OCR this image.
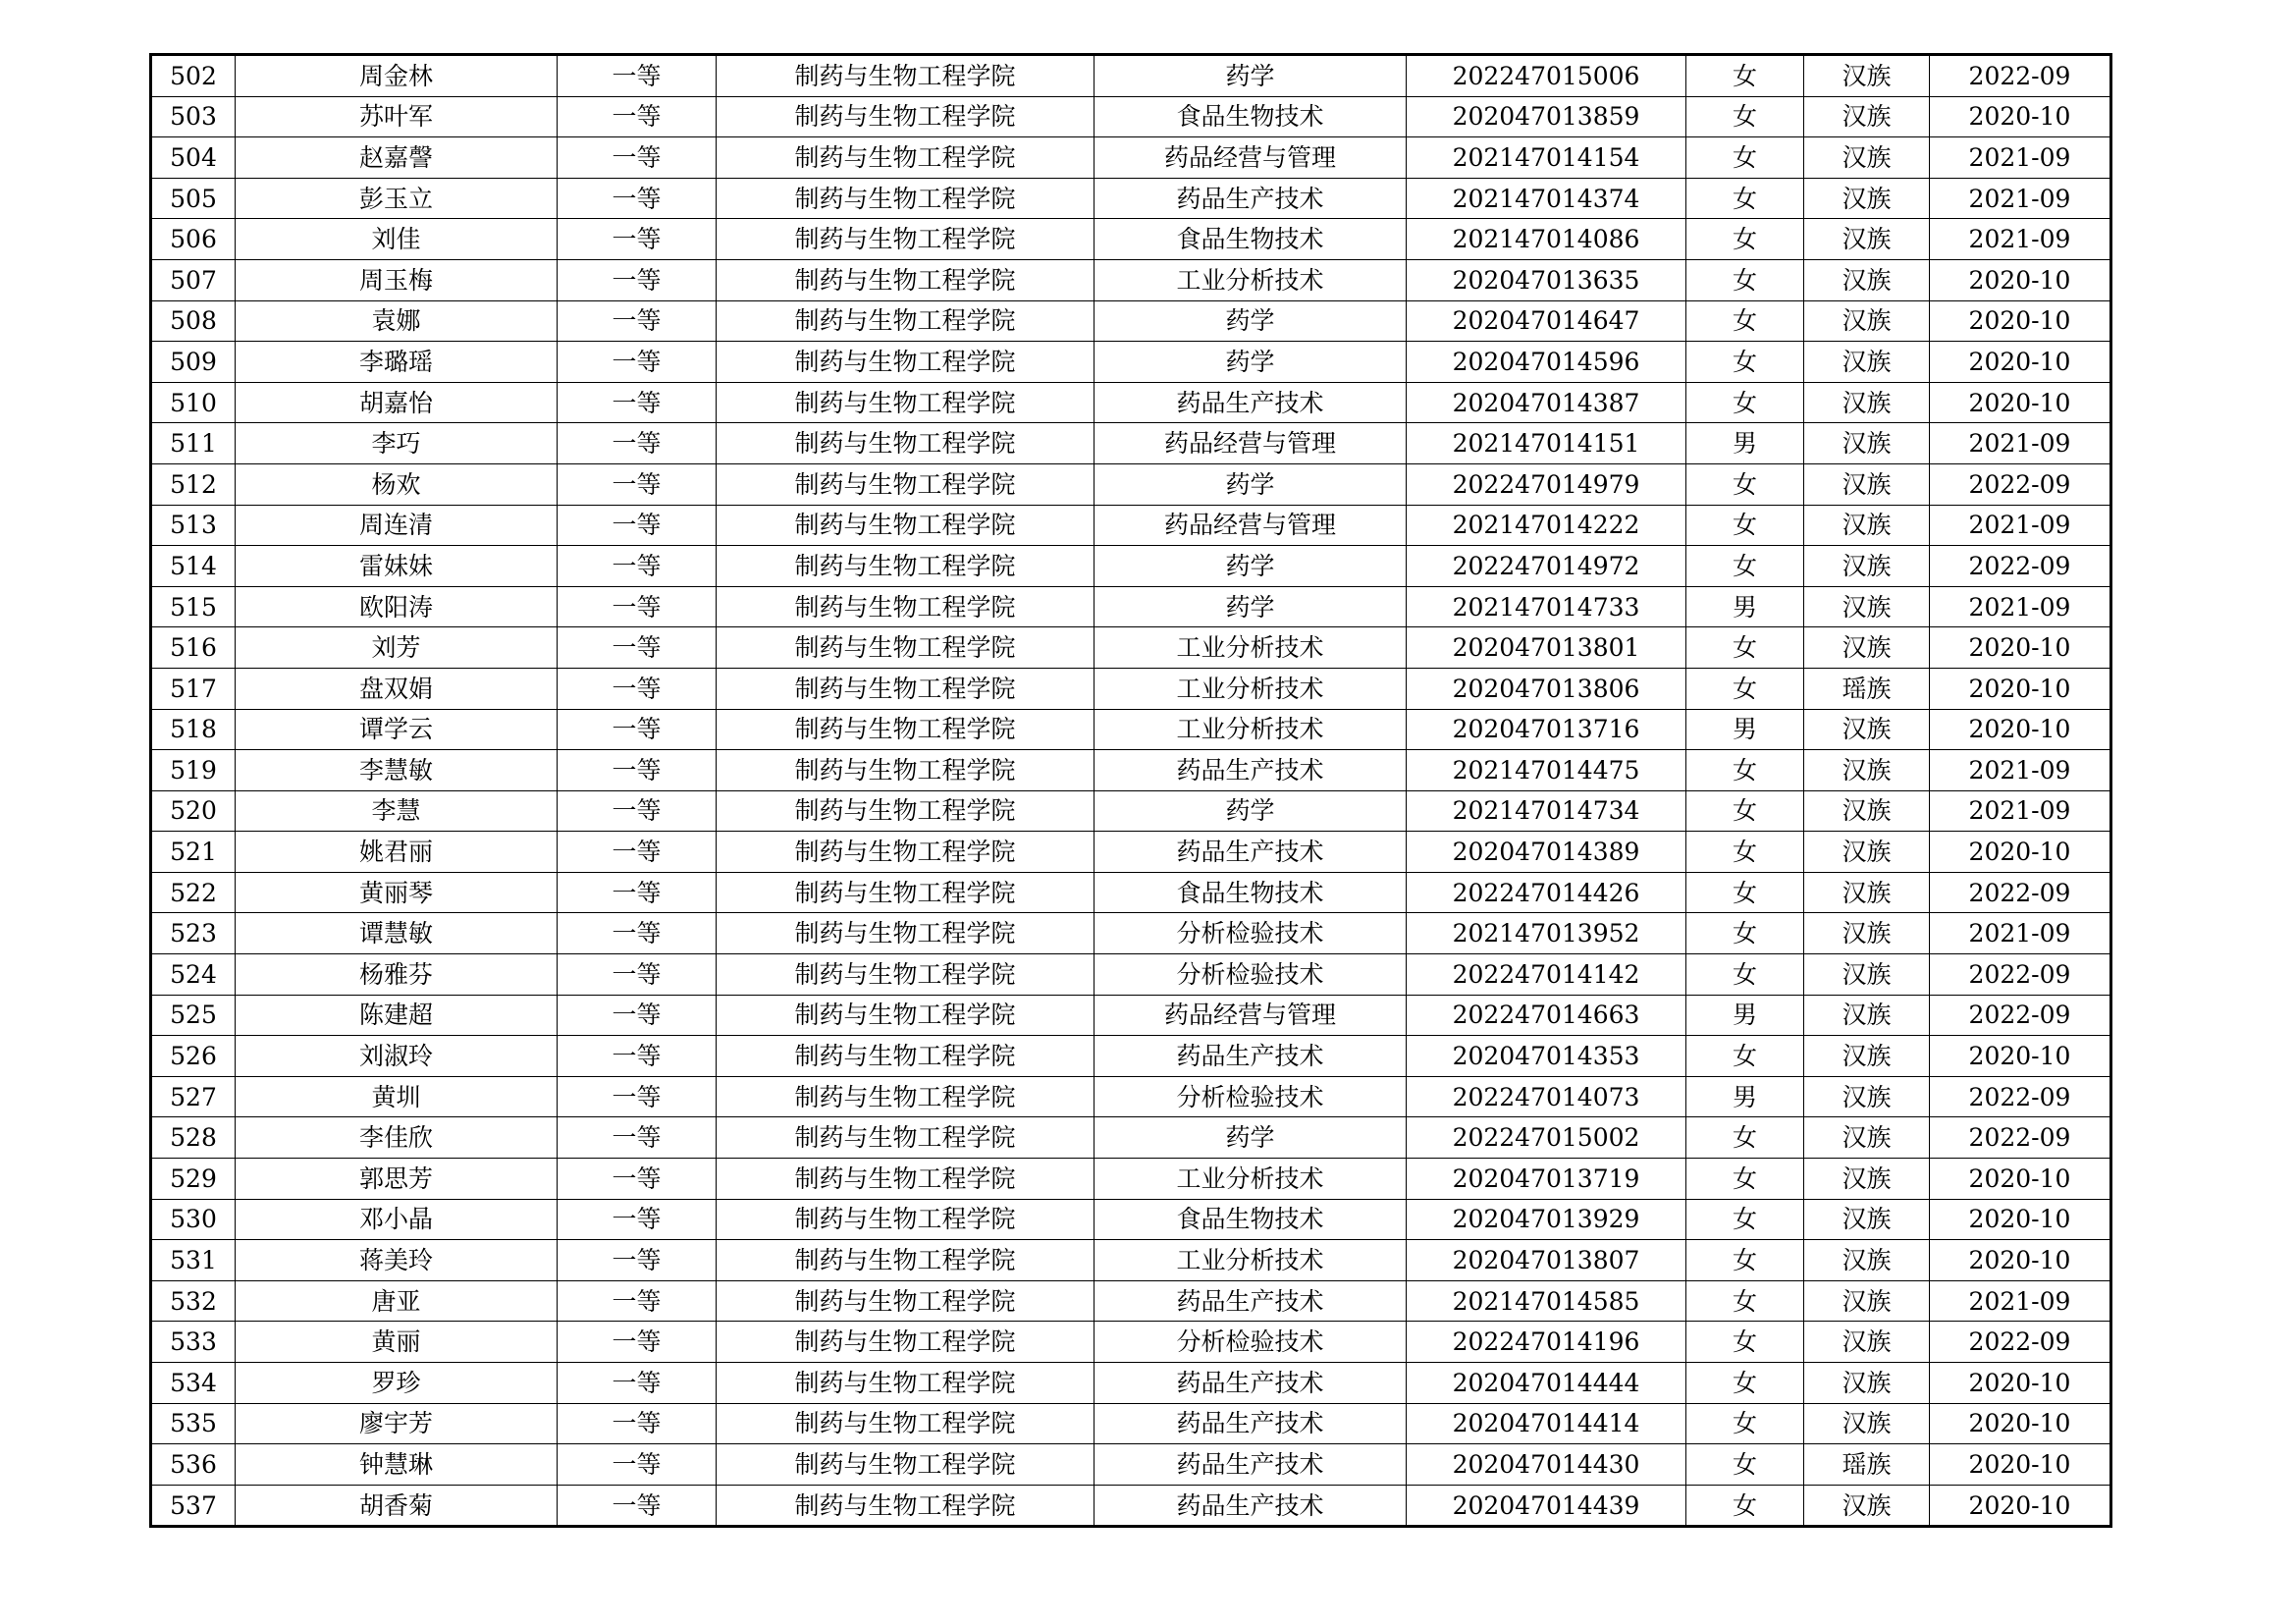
502	周金林	一等	制药与生物工程学院	药学	202247015006	女	汉族	2022-09
503	苏叶军	一等	制药与生物工程学院	食品生物技术	202047013859	女	汉族	2020-10
504	赵嘉謦	一等	制药与生物工程学院	药品经营与管理	202147014154	女	汉族	2021-09
505	彭玉立	一等	制药与生物工程学院	药品生产技术	202147014374	女	汉族	2021-09
506	刘佳	一等	制药与生物工程学院	食品生物技术	202147014086	女	汉族	2021-09
507	周玉梅	一等	制药与生物工程学院	工业分析技术	202047013635	女	汉族	2020-10
508	袁娜	一等	制药与生物工程学院	药学	202047014647	女	汉族	2020-10
509	李璐瑶	一等	制药与生物工程学院	药学	202047014596	女	汉族	2020-10
510	胡嘉怡	一等	制药与生物工程学院	药品生产技术	202047014387	女	汉族	2020-10
511	李巧	一等	制药与生物工程学院	药品经营与管理	202147014151	男	汉族	2021-09
512	杨欢	一等	制药与生物工程学院	药学	202247014979	女	汉族	2022-09
513	周连清	一等	制药与生物工程学院	药品经营与管理	202147014222	女	汉族	2021-09
514	雷妹妹	一等	制药与生物工程学院	药学	202247014972	女	汉族	2022-09
515	欧阳涛	一等	制药与生物工程学院	药学	202147014733	男	汉族	2021-09
516	刘芳	一等	制药与生物工程学院	工业分析技术	202047013801	女	汉族	2020-10
517	盘双娟	一等	制药与生物工程学院	工业分析技术	202047013806	女	瑶族	2020-10
518	谭学云	一等	制药与生物工程学院	工业分析技术	202047013716	男	汉族	2020-10
519	李慧敏	一等	制药与生物工程学院	药品生产技术	202147014475	女	汉族	2021-09
520	李慧	一等	制药与生物工程学院	药学	202147014734	女	汉族	2021-09
521	姚君丽	一等	制药与生物工程学院	药品生产技术	202047014389	女	汉族	2020-10
522	黄丽琴	一等	制药与生物工程学院	食品生物技术	202247014426	女	汉族	2022-09
523	谭慧敏	一等	制药与生物工程学院	分析检验技术	202147013952	女	汉族	2021-09
524	杨雅芬	一等	制药与生物工程学院	分析检验技术	202247014142	女	汉族	2022-09
525	陈建超	一等	制药与生物工程学院	药品经营与管理	202247014663	男	汉族	2022-09
526	刘淑玲	一等	制药与生物工程学院	药品生产技术	202047014353	女	汉族	2020-10
527	黄圳	一等	制药与生物工程学院	分析检验技术	202247014073	男	汉族	2022-09
528	李佳欣	一等	制药与生物工程学院	药学	202247015002	女	汉族	2022-09
529	郭思芳	一等	制药与生物工程学院	工业分析技术	202047013719	女	汉族	2020-10
530	邓小晶	一等	制药与生物工程学院	食品生物技术	202047013929	女	汉族	2020-10
531	蒋美玲	一等	制药与生物工程学院	工业分析技术	202047013807	女	汉族	2020-10
532	唐亚	一等	制药与生物工程学院	药品生产技术	202147014585	女	汉族	2021-09
533	黄丽	一等	制药与生物工程学院	分析检验技术	202247014196	女	汉族	2022-09
534	罗珍	一等	制药与生物工程学院	药品生产技术	202047014444	女	汉族	2020-10
535	廖宇芳	一等	制药与生物工程学院	药品生产技术	202047014414	女	汉族	2020-10
536	钟慧琳	一等	制药与生物工程学院	药品生产技术	202047014430	女	瑶族	2020-10
537	胡香菊	一等	制药与生物工程学院	药品生产技术	202047014439	女	汉族	2020-10
